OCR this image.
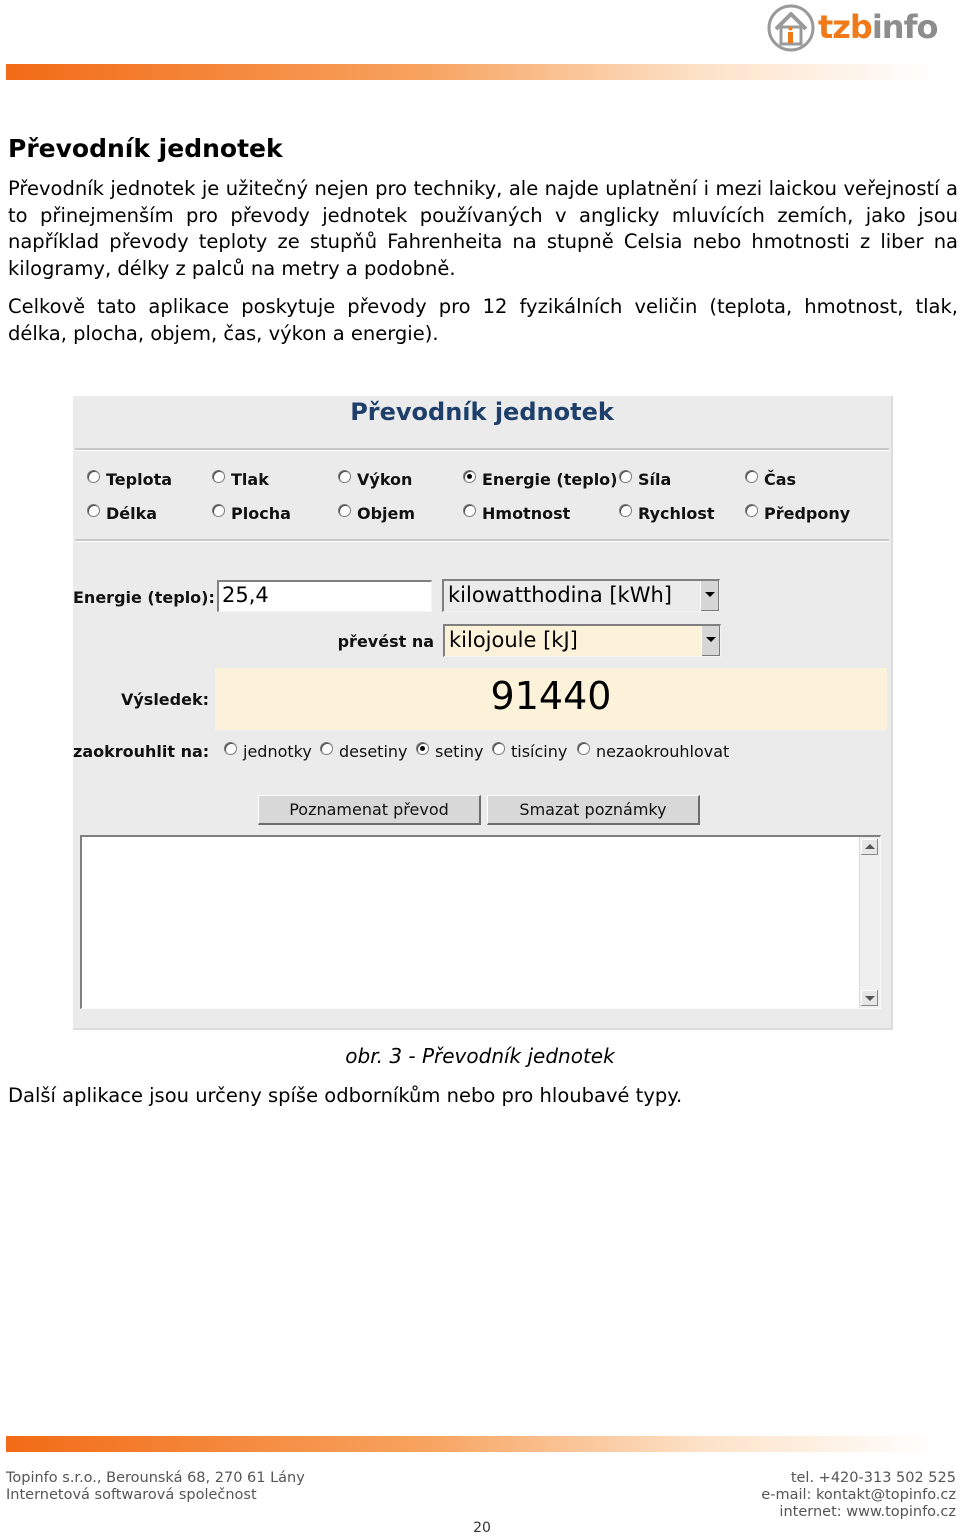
tzbinfo
Převodník jednotek

Převodník jednotek je užitečný nejen pro techniky, ale najde uplatnění i mezi laickou veřejností a to přinejmenším pro převody jednotek používaných v anglicky mluvících zemích, jako jsou například převody teploty ze stupňů Fahrenheita na stupně Celsia nebo hmotnosti z liber na kilogramy, délky z palců na metry a podobně.

Celkově tato aplikace poskytuje převody pro 12 fyzikálních veličin (teplota, hmotnost, tlak, délka, plocha, objem, čas, výkon a energie).

Převodník jednotek
Teplota	Tlak	Výkon	Energie (teplo)	Síla	Čas
Délka	Plocha	Objem	Hmotnost	Rychlost	Předpony
Energie (teplo): 25,4	kilowatthodina [kWh]
převést na kilojoule [kJ]
Výsledek:	91440
zaokrouhlit na:	jednotky	desetiny	setiny	tisíciny	nezaokrouhlovat
Poznamenat převod	Smazat poznámky
obr. 3 - Převodník jednotek

Další aplikace jsou určeny spíše odborníkům nebo pro hloubavé typy.

Topinfo s.r.o., Berounská 68, 270 61 Lány
Internetová softwarová společnost
tel. +420-313 502 525
e-mail: kontakt@topinfo.cz
internet: www.topinfo.cz
20
